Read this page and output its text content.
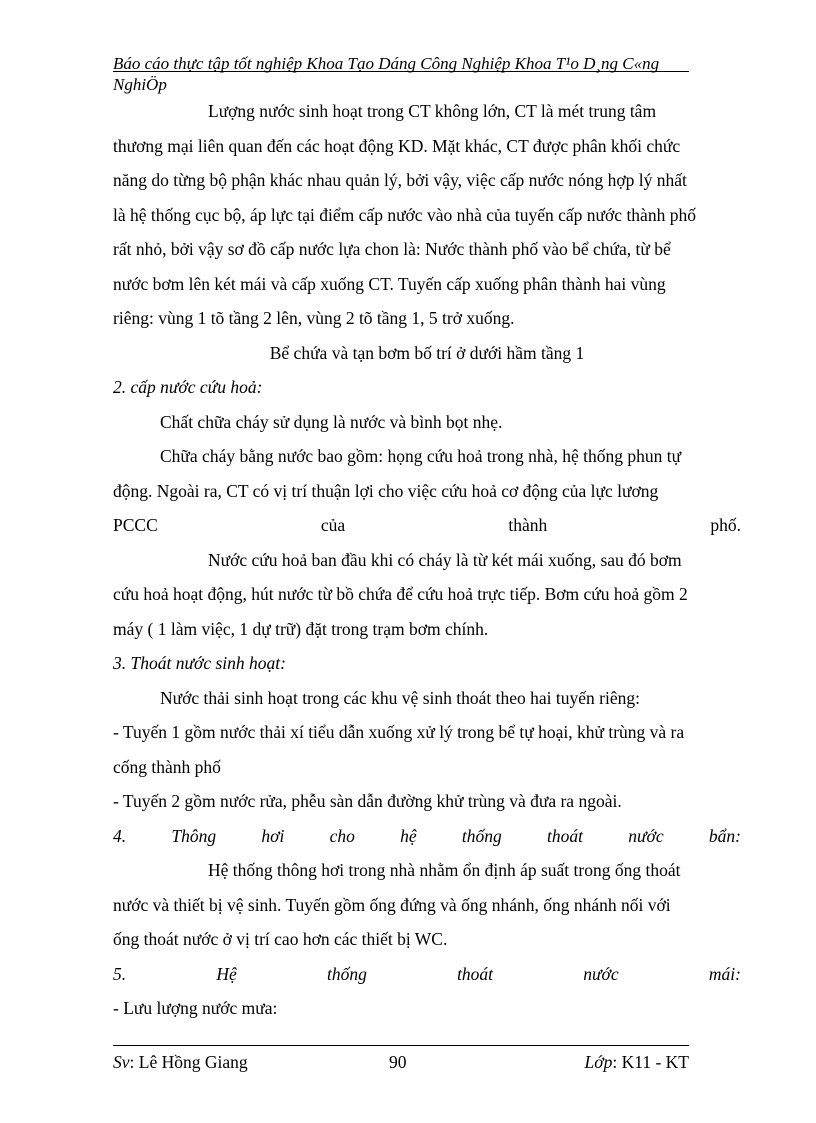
Báo cáo thực tập tốt nghiệp Khoa Tạo Dáng Công Nghiệp Khoa T¹o D¸ng C«ng
NghiÖp
Lượng nước sinh hoạt trong CT không lớn, CT là mét trung tâm
thương mại liên quan đến các hoạt động KD. Mặt khác, CT được phân khối chức
năng do từng bộ phận khác nhau quản lý, bởi vậy, việc cấp nước nóng hợp lý nhất
là hệ thống cục bộ, áp lực tại điểm cấp nước vào nhà của tuyến cấp nước thành phố
rất nhỏ, bởi vậy sơ đồ cấp nước lựa chon là: Nước thành phố vào bể chứa, từ bể
nước bơm lên két mái và cấp xuống CT. Tuyến cấp xuống phân thành hai vùng
riêng: vùng 1 tõ tầng 2 lên, vùng 2 tõ tầng 1, 5 trở xuống.
Bể chứa và tạn bơm bố trí ở dưới hầm tầng 1
2. cấp nước cứu hoả:
Chất chữa cháy sử dụng là nước và bình bọt nhẹ.
Chữa cháy bằng nước bao gồm: họng cứu hoả trong nhà, hệ thống phun tự
động. Ngoài ra, CT có vị trí thuận lợi cho việc cứu hoả cơ động của lực lương
PCCC	của	thành	phố.
Nước cứu hoả ban đầu khi có cháy là từ két mái xuống, sau đó bơm
cứu hoả hoạt động, hút nước từ bồ chứa để cứu hoả trực tiếp. Bơm cứu hoả gồm 2
máy ( 1 làm việc, 1 dự trữ) đặt trong trạm bơm chính.
3. Thoát nước sinh hoạt:
Nước thải sinh hoạt trong các khu vệ sinh thoát theo hai tuyến riêng:
- Tuyến 1 gồm nước thải xí tiểu dẫn xuống xử lý trong bể tự hoại, khử trùng và ra
cống thành phố
- Tuyến 2 gồm nước rửa, phễu sàn dẫn đường khử trùng và đưa ra ngoài.
4.	Thông	hơi	cho	hệ	thống	thoát	nước	bẩn:
Hệ thống thông hơi trong nhà nhằm ổn định áp suất trong ống thoát
nước và thiết bị vệ sinh. Tuyến gồm ống đứng và ống nhánh, ống nhánh nối với
ống thoát nước ở vị trí cao hơn các thiết bị WC.
5.	Hệ	thống	thoát	nước	mái:
- Lưu lượng nước mưa:
Sv: Lê Hồng Giang	90	Lớp: K11 - KT
